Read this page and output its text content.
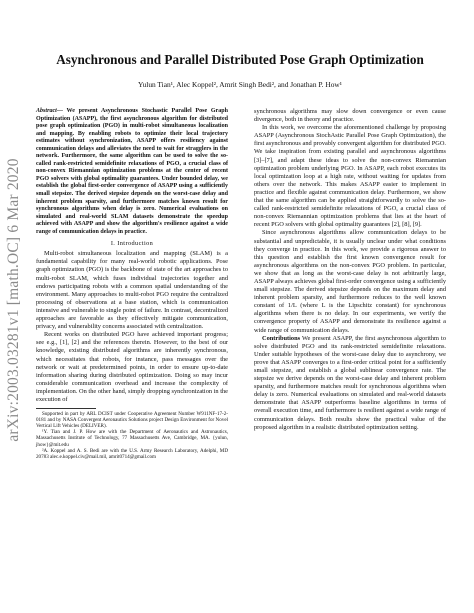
arXiv:2003.03281v1 [math.OC] 6 Mar 2020
Asynchronous and Parallel Distributed Pose Graph Optimization
Yulun Tian¹, Alec Koppel², Amrit Singh Bedi², and Jonathan P. How¹

Abstract— We present Asynchronous Stochastic Parallel Pose Graph Optimization (ASAPP), the first asynchronous algorithm for distributed pose graph optimization (PGO) in multi-robot simultaneous localization and mapping. By enabling robots to optimize their local trajectory estimates without synchronization, ASAPP offers resiliency against communication delays and alleviates the need to wait for stragglers in the network. Furthermore, the same algorithm can be used to solve the so-called rank-restricted semidefinite relaxations of PGO, a crucial class of non-convex Riemannian optimization problems at the center of recent PGO solvers with global optimality guarantees. Under bounded delay, we establish the global first-order convergence of ASAPP using a sufficiently small stepsize. The derived stepsize depends on the worst-case delay and inherent problem sparsity, and furthermore matches known result for synchronous algorithms when delay is zero. Numerical evaluations on simulated and real-world SLAM datasets demonstrate the speedup achieved with ASAPP and show the algorithm's resilience against a wide range of communication delays in practice.

I. Introduction

Multi-robot simultaneous localization and mapping (SLAM) is a fundamental capability for many real-world robotic applications. Pose graph optimization (PGO) is the backbone of state of the art approaches to multi-robot SLAM, which fuses individual trajectories together and endows participating robots with a common spatial understanding of the environment. Many approaches to multi-robot PGO require the centralized processing of observations at a base station, which is communication intensive and vulnerable to single point of failure. In contrast, decentralized approaches are favorable as they effectively mitigate communication, privacy, and vulnerability concerns associated with centralization.

Recent works on distributed PGO have achieved important progress; see e.g., [1], [2] and the references therein. However, to the best of our knowledge, existing distributed algorithms are inherently synchronous, which necessitates that robots, for instance, pass messages over the network or wait at predetermined points, in order to ensure up-to-date information sharing during distributed optimization. Doing so may incur considerable communication overhead and increase the complexity of implementation. On the other hand, simply dropping synchronization in the execution of

Supported in part by ARL DCIST under Cooperative Agreement Number W911NF-17-2-0181 and by NASA Convergent Aeronautics Solutions project Design Environment for Novel Vertical Lift Vehicles (DELIVER).

¹Y. Tian and J. P. How are with the Department of Aeronautics and Astronautics, Massachusetts Institute of Technology, 77 Massachusetts Ave, Cambridge, MA. {yulun, jhow}@mit.edu

²A. Koppel and A. S. Bedi are with the U.S. Army Research Laboratory, Adelphi, MD 20783 alec.e.koppel.civ@mail.mil, amrit0714@gmail.com

synchronous algorithms may slow down convergence or even cause divergence, both in theory and practice.

In this work, we overcome the aforementioned challenge by proposing ASAPP (Asynchronous StochAstic Parallel Pose Graph Optimization), the first asynchronous and provably convergent algorithm for distributed PGO. We take inspiration from existing parallel and asynchronous algorithms [3]–[7], and adapt these ideas to solve the non-convex Riemannian optimization problem underlying PGO. In ASAPP, each robot executes its local optimization loop at a high rate, without waiting for updates from others over the network. This makes ASAPP easier to implement in practice and flexible against communication delay. Furthermore, we show that the same algorithm can be applied straightforwardly to solve the so-called rank-restricted semidefinite relaxations of PGO, a crucial class of non-convex Riemannian optimization problems that lies at the heart of recent PGO solvers with global optimality guarantees [2], [8], [9].

Since asynchronous algorithms allow communication delays to be substantial and unpredictable, it is usually unclear under what conditions they converge in practice. In this work, we provide a rigorous answer to this question and establish the first known convergence result for asynchronous algorithms on the non-convex PGO problem. In particular, we show that as long as the worst-case delay is not arbitrarily large, ASAPP always achieves global first-order convergence using a sufficiently small stepsize. The derived stepsize depends on the maximum delay and inherent problem sparsity, and furthermore reduces to the well known constant of 1/L (where L is the Lipschitz constant) for synchronous algorithms when there is no delay. In our experiments, we verify the convergence property of ASAPP and demonstrate its resilience against a wide range of communication delays.

Contributions We present ASAPP, the first asynchronous algorithm to solve distributed PGO and its rank-restricted semidefinite relaxations. Under suitable hypotheses of the worst-case delay due to asynchrony, we prove that ASAPP converges to a first-order critical point for a sufficiently small stepsize, and establish a global sublinear convergence rate. The stepsize we derive depends on the worst-case delay and inherent problem sparsity, and furthermore matches result for synchronous algorithms when delay is zero. Numerical evaluations on simulated and real-world datasets demonstrate that ASAPP outperforms baseline algorithms in terms of overall execution time, and furthermore is resilient against a wide range of communication delays. Both results show the practical value of the proposed algorithm in a realistic distributed optimization setting.
